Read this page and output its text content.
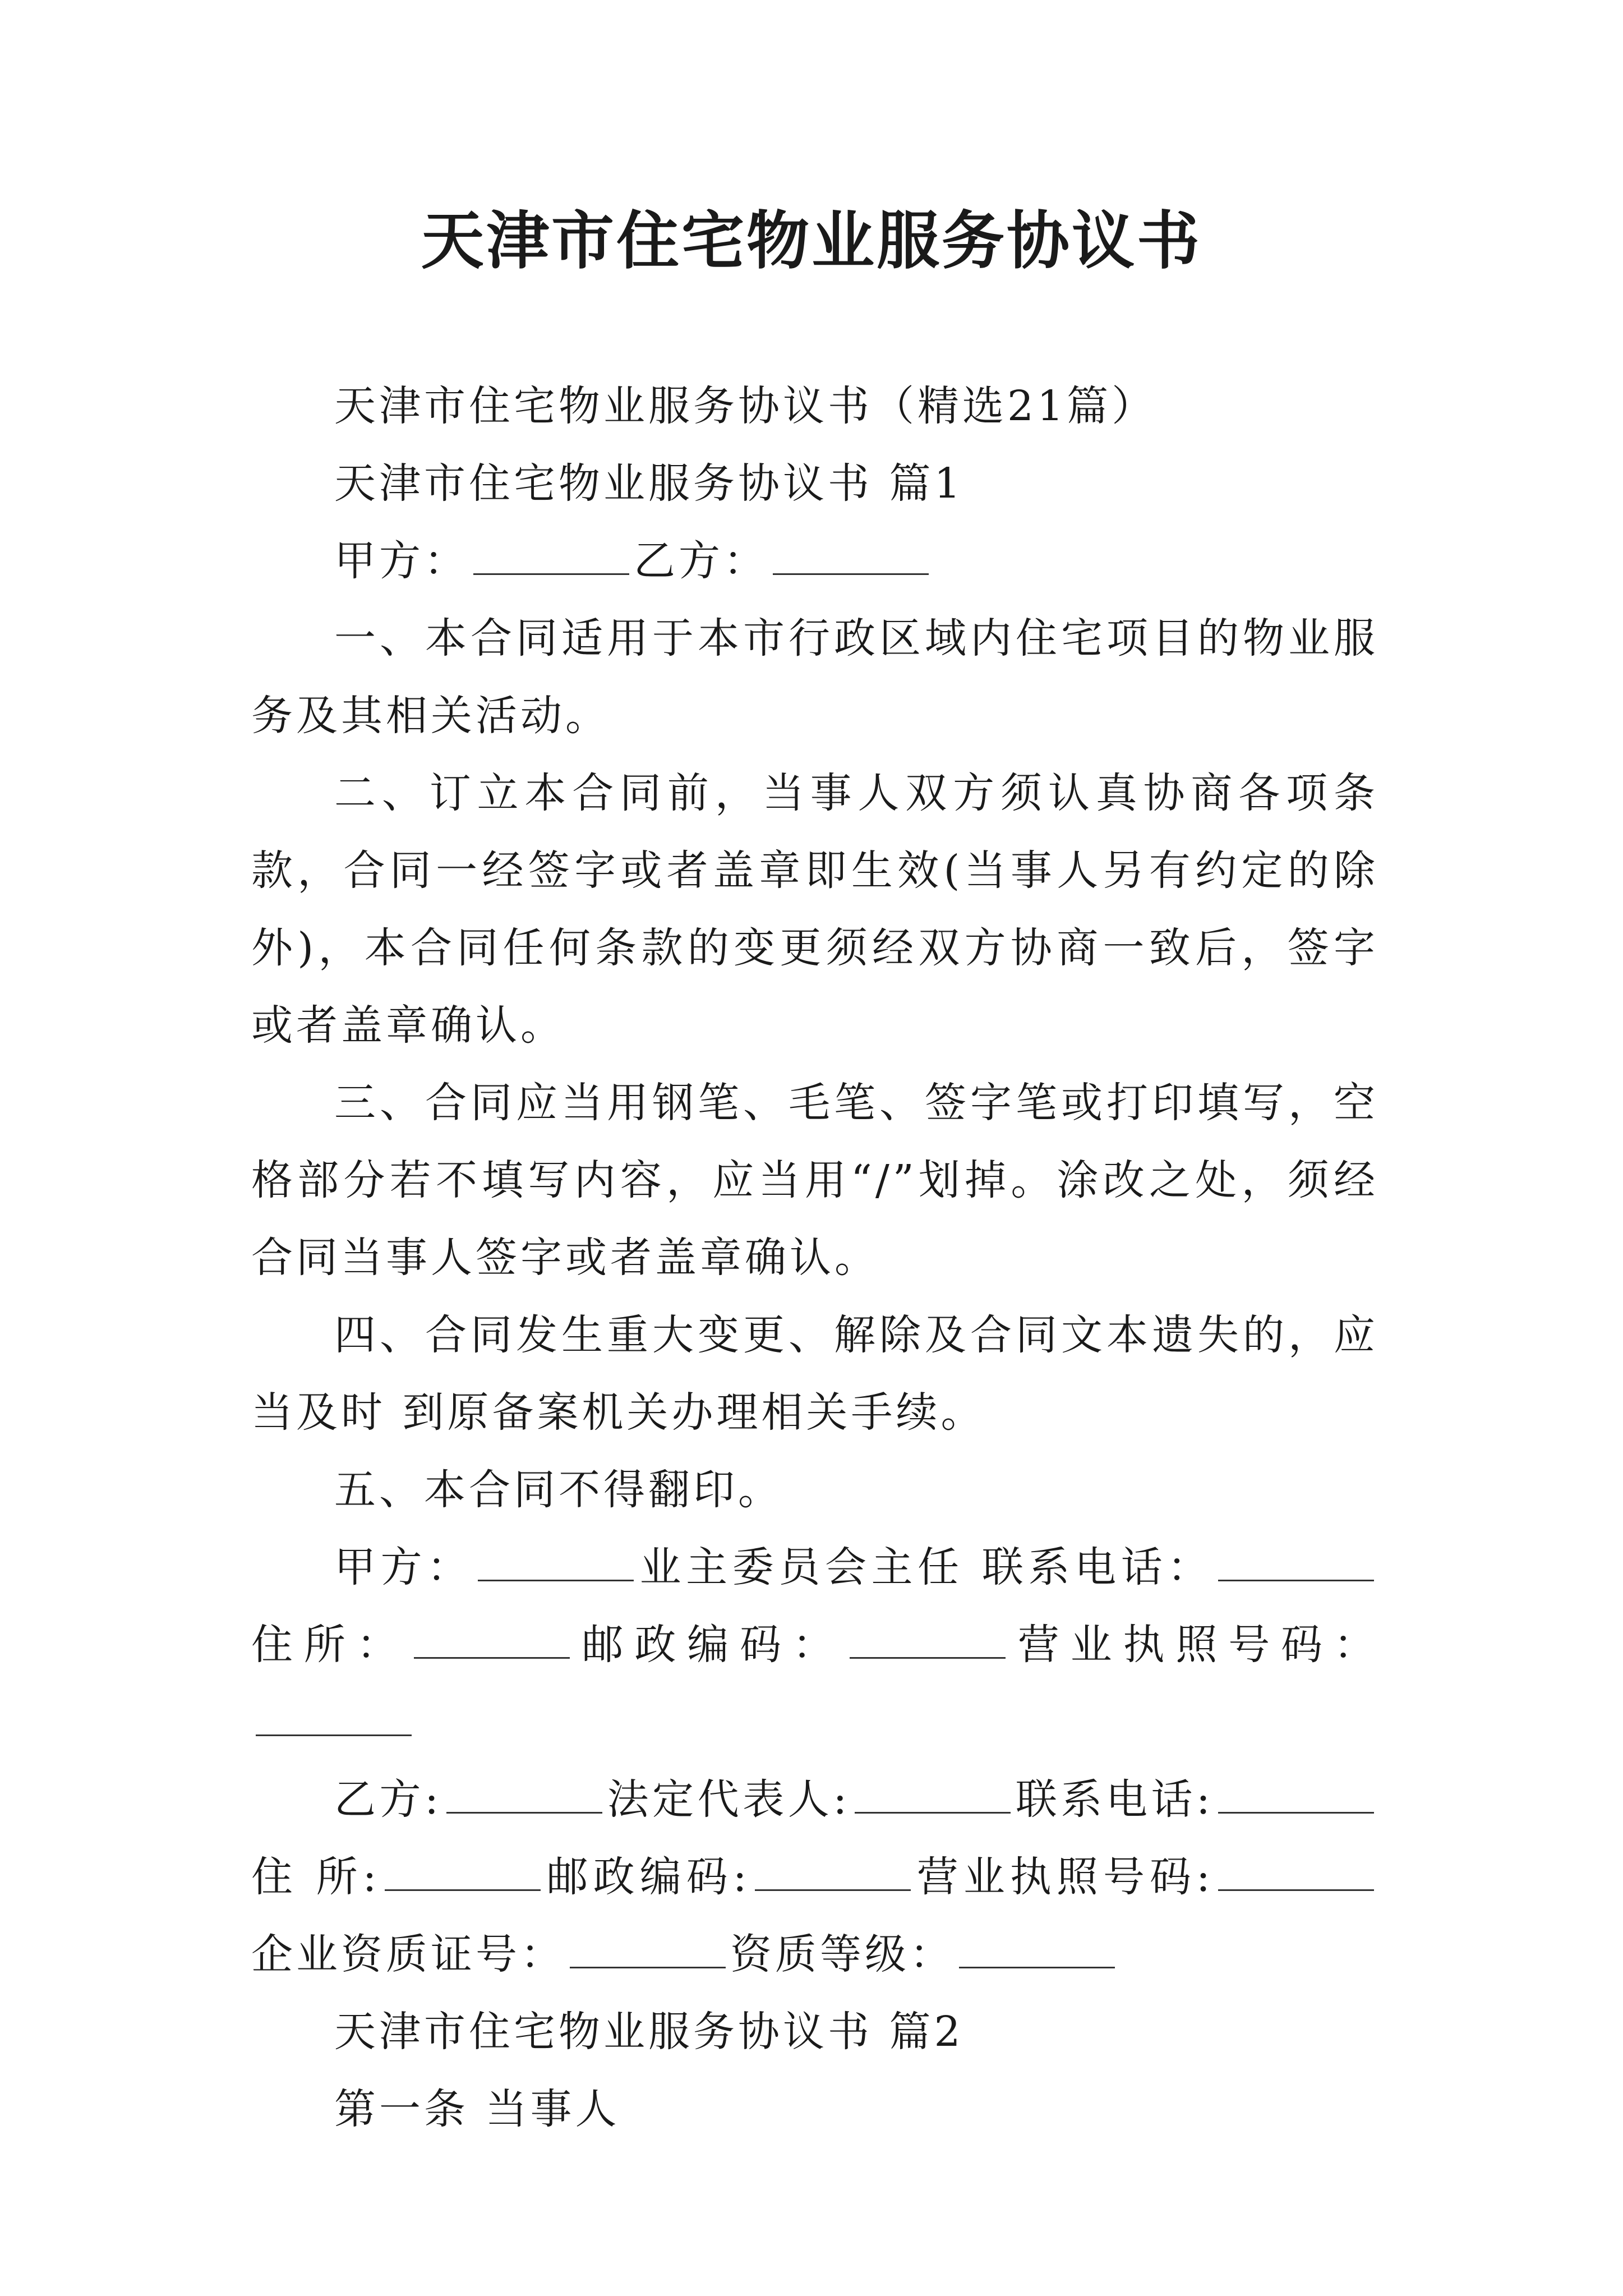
天津市住宅物业服务协议书

天津市住宅物业服务协议书（精选21篇）

天津市住宅物业服务协议书 篇1

甲方：	乙方：

一、本合同适用于本市行政区域内住宅项目的物业服务及其相关活动。

二、订立本合同前，当事人双方须认真协商各项条款，合同一经签字或者盖章即生效(当事人另有约定的除外)，本合同任何条款的变更须经双方协商一致后，签字或者盖章确认。

三、合同应当用钢笔、毛笔、签字笔或打印填写，空格部分若不填写内容，应当用“/”划掉。涂改之处，须经合同当事人签字或者盖章确认。

四、合同发生重大变更、解除及合同文本遗失的，应当及时 到原备案机关办理相关手续。

五、本合同不得翻印。

甲方：	业主委员会主任 联系电话：住所：	邮政编码：	营业执照号码：

乙方:	法定代表人:	联系电话:住 所:	邮政编码:	营业执照号码:企业资质证号：	资质等级：

天津市住宅物业服务协议书 篇2

第一条 当事人
